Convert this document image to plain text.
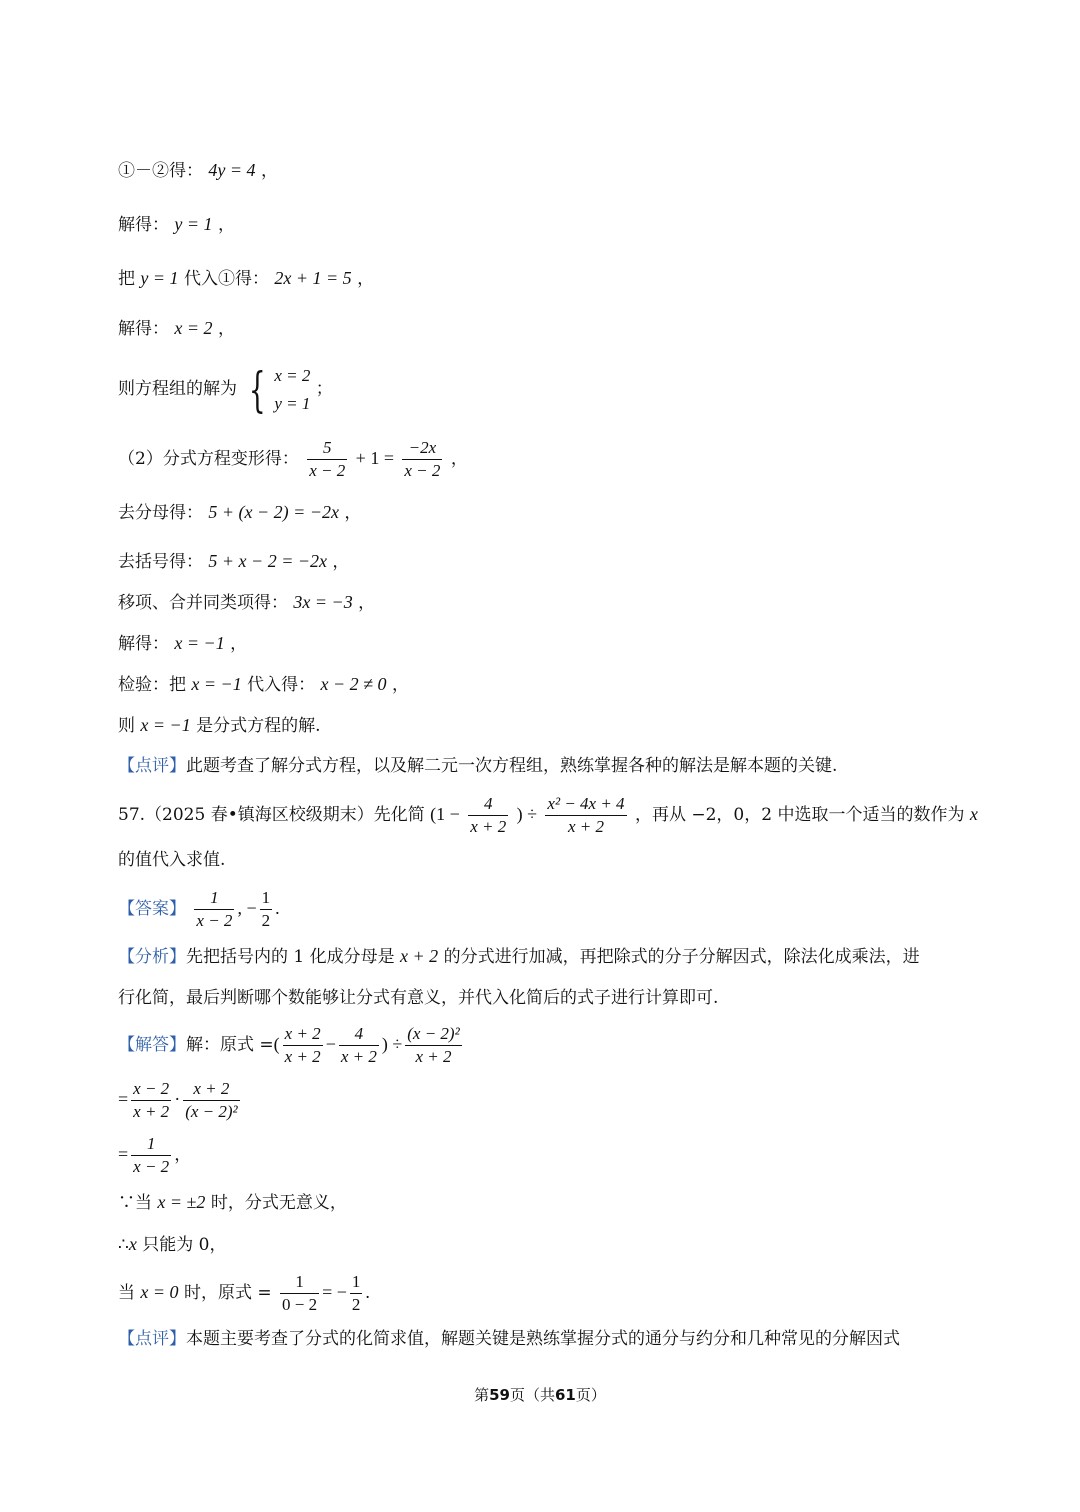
①－②得： 4y = 4 ，
解得： y = 1 ，
把 y = 1 代入①得： 2x + 1 = 5 ，
解得： x = 2 ，
则方程组的解为 { x = 2
y = 1
；
（2）分式方程变形得： $\frac{5}{x - 2} + 1 = \frac{-2x}{x - 2}$ ，
去分母得： 5 + (x − 2) = −2x ，
去括号得： 5 + x − 2 = −2x ，
移项、合并同类项得： 3x = −3 ，
解得： x = −1 ，
检验：把 x = −1 代入得： x − 2 ≠ 0 ，
则 x = −1 是分式方程的解.
【点评】此题考查了解分式方程，以及解二元一次方程组，熟练掌握各种的解法是解本题的关键.
57.（2025 春•镇海区校级期末）先化简 ($1 - \frac{4}{x + 2}$ ) ÷ $\frac{\text{x² − 4x + 4}}{x + 2}$ ，再从 −2，0，2 中选取一个适当的数作为 x
的值代入求值.
【答案】 $\frac{1}{x - 2}$ , − $\frac{1}{2}$ .
【分析】先把括号内的 1 化成分母是 x + 2 的分式进行加减，再把除式的分子分解因式，除法化成乘法，进
行化简，最后判断哪个数能够让分式有意义，并代入化简后的式子进行计算即可.
【解答】解：原式 =( $\frac{x + 2}{x + 2} - \frac{4}{x + 2}$ ) ÷ $\frac{\text{(x − 2)²}}{x + 2}$
= $\frac{x - 2}{x + 2} \cdot \frac{x + 2}{\text{(x − 2)²}}$
= $\frac{1}{x - 2}$ ，
∵当 x = ±2 时，分式无意义，
∴x 只能为 0，
当 x = 0 时，原式 = $\frac{1}{0 - 2}$ = − $\frac{1}{2}$ .
【点评】本题主要考查了分式的化简求值，解题关键是熟练掌握分式的通分与约分和几种常见的分解因式
第59页（共61页）
